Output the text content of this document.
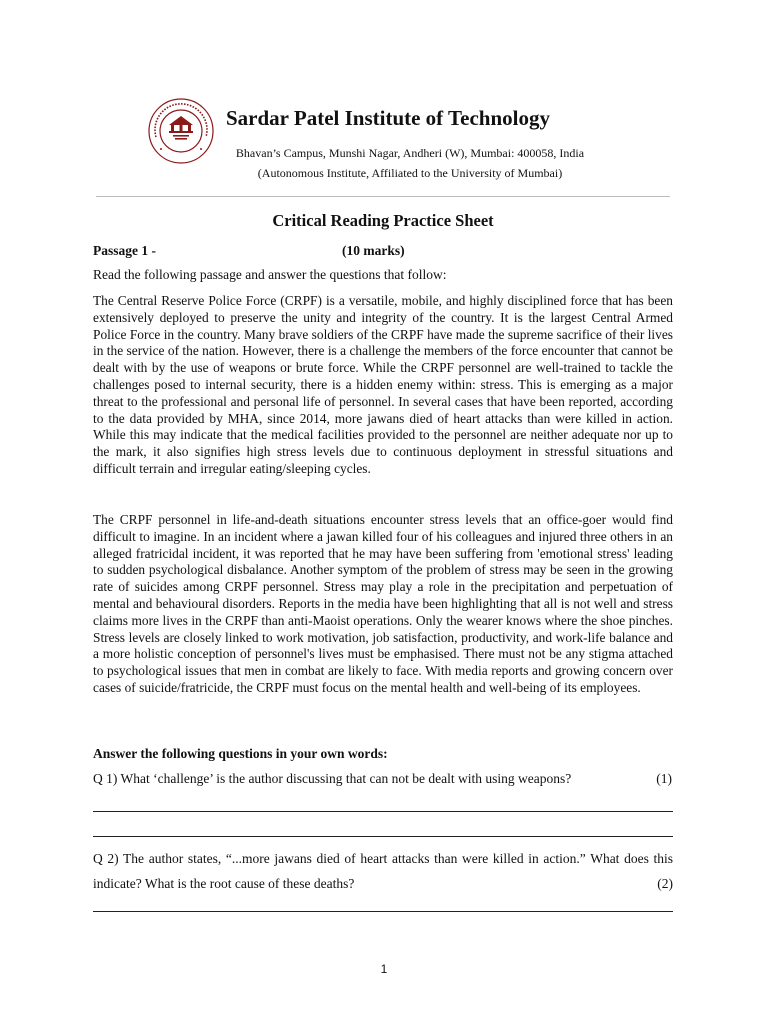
Sardar Patel Institute of Technology
Bhavan’s Campus, Munshi Nagar, Andheri (W), Mumbai: 400058, India
(Autonomous Institute, Affiliated to the University of Mumbai)
Critical Reading Practice Sheet
Passage 1 -	(10 marks)
Read the following passage and answer the questions that follow:
The Central Reserve Police Force (CRPF) is a versatile, mobile, and highly disciplined force that has been extensively deployed to preserve the unity and integrity of the country. It is the largest Central Armed Police Force in the country. Many brave soldiers of the CRPF have made the supreme sacrifice of their lives in the service of the nation. However, there is a challenge the members of the force encounter that cannot be dealt with by the use of weapons or brute force. While the CRPF personnel are well-trained to tackle the challenges posed to internal security, there is a hidden enemy within: stress. This is emerging as a major threat to the professional and personal life of personnel. In several cases that have been reported, according to the data provided by MHA, since 2014, more jawans died of heart attacks than were killed in action. While this may indicate that the medical facilities provided to the personnel are neither adequate nor up to the mark, it also signifies high stress levels due to continuous deployment in stressful situations and difficult terrain and irregular eating/sleeping cycles.
The CRPF personnel in life-and-death situations encounter stress levels that an office-goer would find difficult to imagine. In an incident where a jawan killed four of his colleagues and injured three others in an alleged fratricidal incident, it was reported that he may have been suffering from 'emotional stress' leading to sudden psychological disbalance. Another symptom of the problem of stress may be seen in the growing rate of suicides among CRPF personnel. Stress may play a role in the precipitation and perpetuation of mental and behavioural disorders. Reports in the media have been highlighting that all is not well and stress claims more lives in the CRPF than anti-Maoist operations. Only the wearer knows where the shoe pinches. Stress levels are closely linked to work motivation, job satisfaction, productivity, and work-life balance and a more holistic conception of personnel's lives must be emphasised. There must not be any stigma attached to psychological issues that men in combat are likely to face. With media reports and growing concern over cases of suicide/fratricide, the CRPF must focus on the mental health and well-being of its employees.
Answer the following questions in your own words:
Q 1) What ‘challenge’ is the author discussing that can not be dealt with using weapons?	(1)
Q 2) The author states, “...more jawans died of heart attacks than were killed in action.” What does this indicate? What is the root cause of these deaths?	(2)
1
